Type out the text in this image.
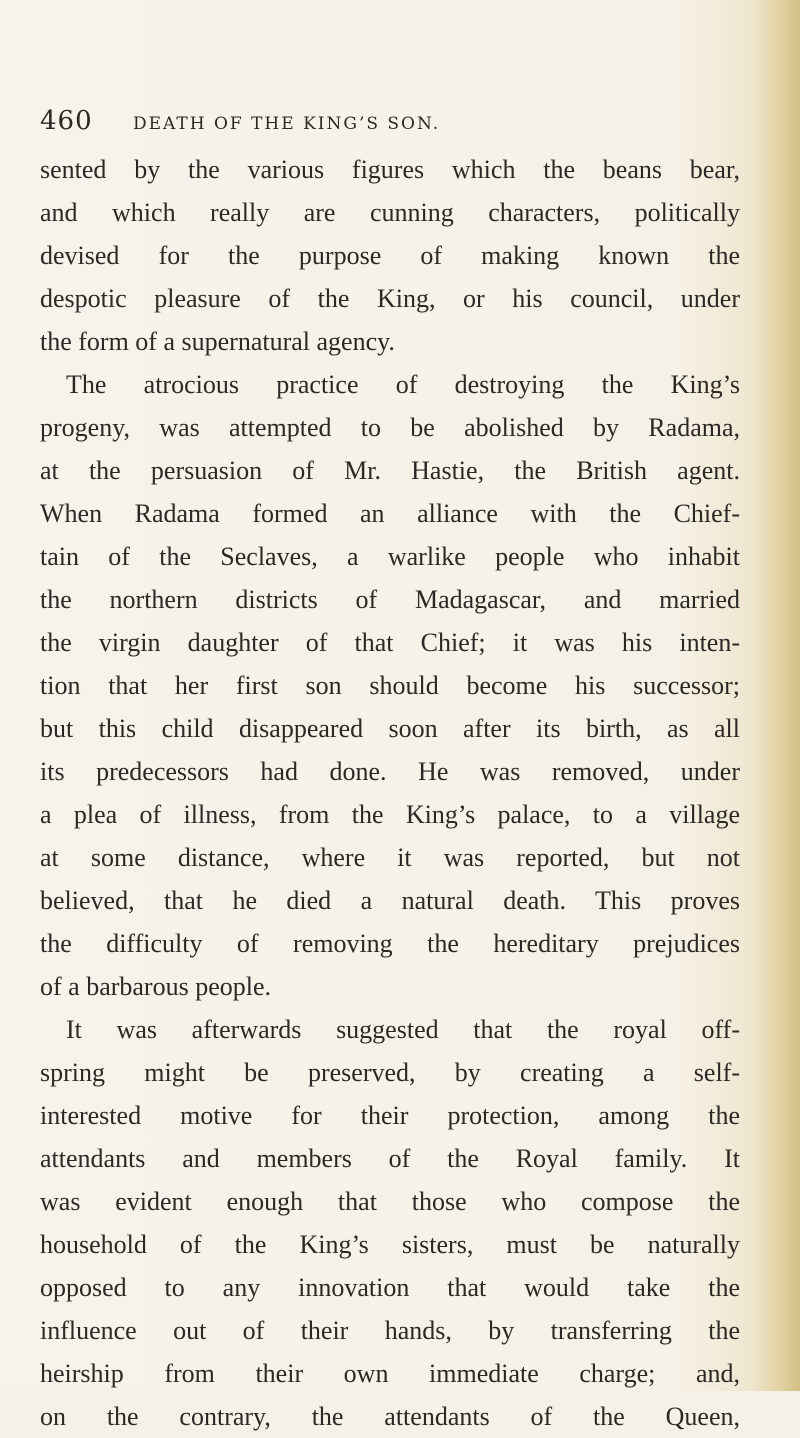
460 DEATH OF THE KING’S SON.
sented by the various figures which the beans bear,
and which really are cunning characters, politically
devised for the purpose of making known the
despotic pleasure of the King, or his council, under
the form of a supernatural agency.
The atrocious practice of destroying the King’s
progeny, was attempted to be abolished by Radama,
at the persuasion of Mr. Hastie, the British agent.
When Radama formed an alliance with the Chief-
tain of the Seclaves, a warlike people who inhabit
the northern districts of Madagascar, and married
the virgin daughter of that Chief; it was his inten-
tion that her first son should become his successor;
but this child disappeared soon after its birth, as all
its predecessors had done. He was removed, under
a plea of illness, from the King’s palace, to a village
at some distance, where it was reported, but not
believed, that he died a natural death. This proves
the difficulty of removing the hereditary prejudices
of a barbarous people.
It was afterwards suggested that the royal off-
spring might be preserved, by creating a self-
interested motive for their protection, among the
attendants and members of the Royal family. It
was evident enough that those who compose the
household of the King’s sisters, must be naturally
opposed to any innovation that would take the
influence out of their hands, by transferring the
heirship from their own immediate charge; and,
on the contrary, the attendants of the Queen,
